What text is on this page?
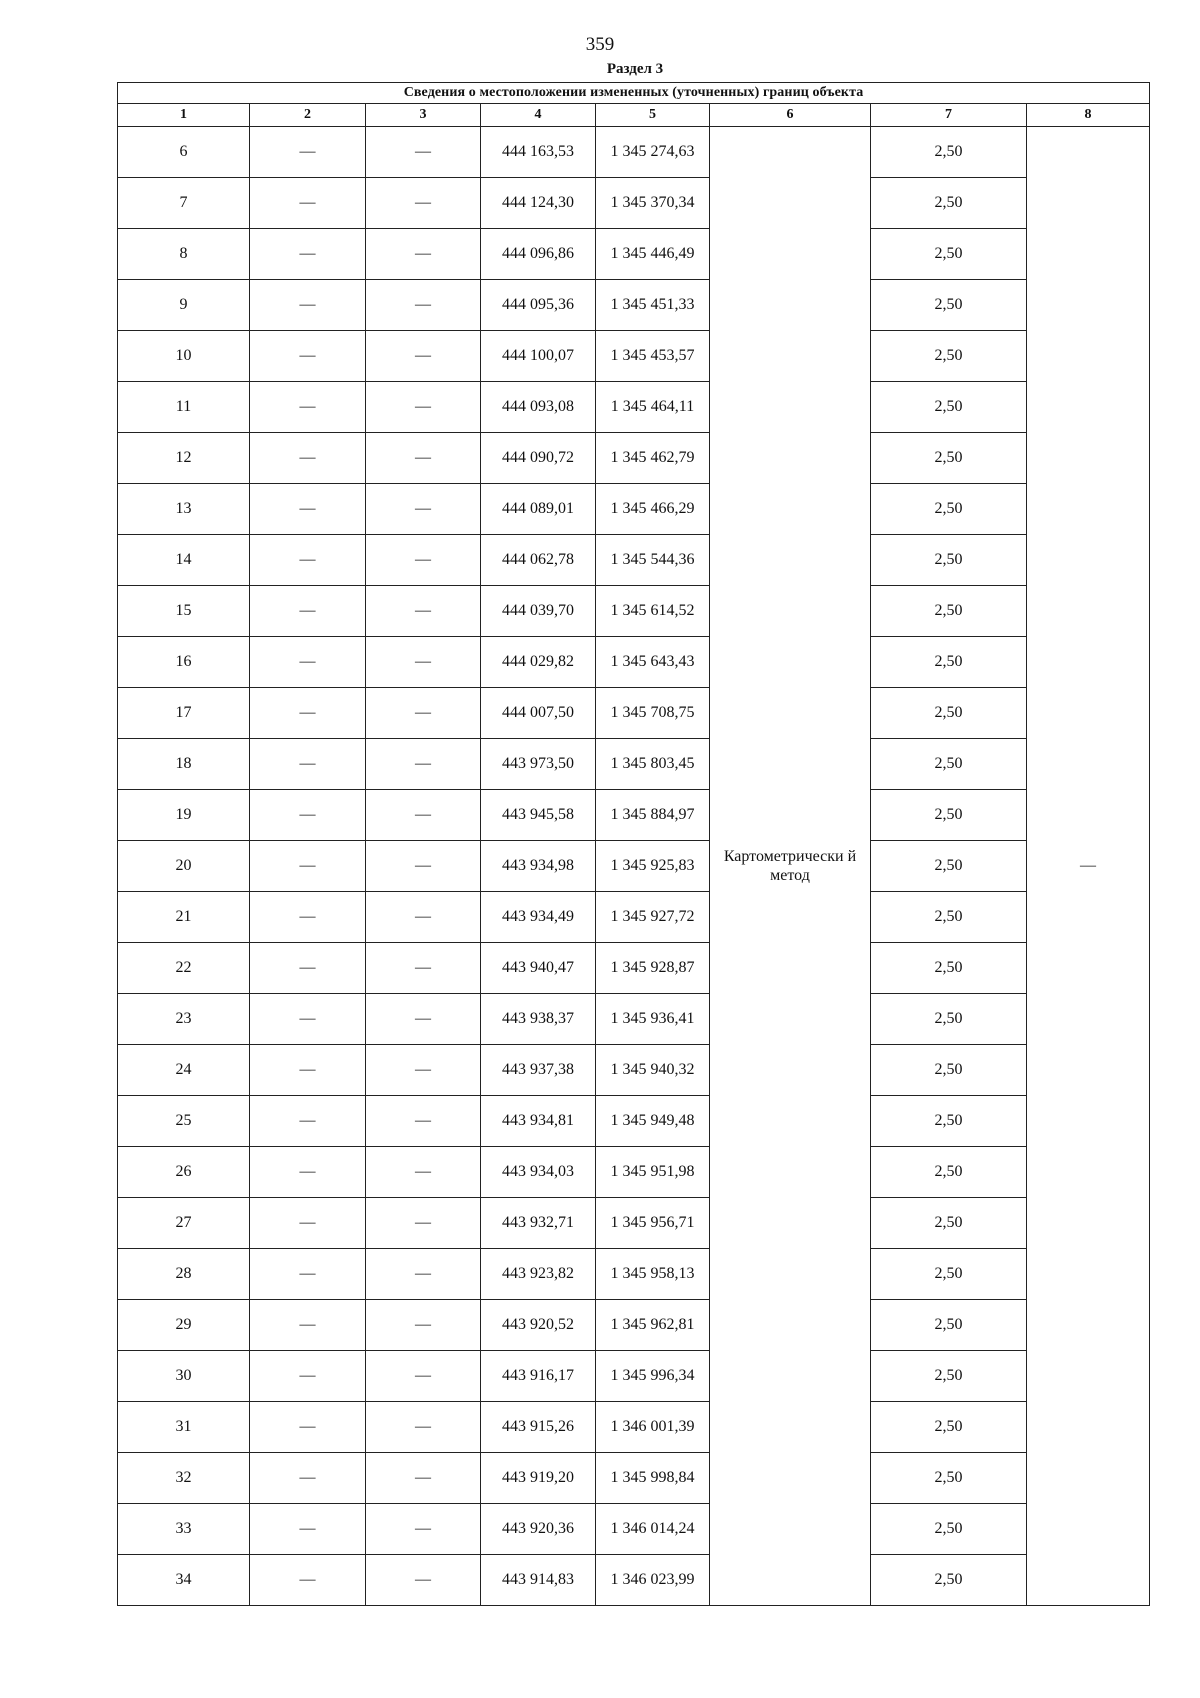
359
Раздел 3
Сведения о местоположении измененных (уточненных) границ объекта							
1	2	3	4	5	6	7	8
6	—	—	444 163,53	1 345 274,63	Картометрически й метод	2,50	—
7	—	—	444 124,30	1 345 370,34		2,50	
8	—	—	444 096,86	1 345 446,49		2,50	
9	—	—	444 095,36	1 345 451,33		2,50	
10	—	—	444 100,07	1 345 453,57		2,50	
11	—	—	444 093,08	1 345 464,11		2,50	
12	—	—	444 090,72	1 345 462,79		2,50	
13	—	—	444 089,01	1 345 466,29		2,50	
14	—	—	444 062,78	1 345 544,36		2,50	
15	—	—	444 039,70	1 345 614,52		2,50	
16	—	—	444 029,82	1 345 643,43		2,50	
17	—	—	444 007,50	1 345 708,75		2,50	
18	—	—	443 973,50	1 345 803,45		2,50	
19	—	—	443 945,58	1 345 884,97		2,50	
20	—	—	443 934,98	1 345 925,83		2,50	
21	—	—	443 934,49	1 345 927,72		2,50	
22	—	—	443 940,47	1 345 928,87		2,50	
23	—	—	443 938,37	1 345 936,41		2,50	
24	—	—	443 937,38	1 345 940,32		2,50	
25	—	—	443 934,81	1 345 949,48		2,50	
26	—	—	443 934,03	1 345 951,98		2,50	
27	—	—	443 932,71	1 345 956,71		2,50	
28	—	—	443 923,82	1 345 958,13		2,50	
29	—	—	443 920,52	1 345 962,81		2,50	
30	—	—	443 916,17	1 345 996,34		2,50	
31	—	—	443 915,26	1 346 001,39		2,50	
32	—	—	443 919,20	1 345 998,84		2,50	
33	—	—	443 920,36	1 346 014,24		2,50	
34	—	—	443 914,83	1 346 023,99		2,50	
